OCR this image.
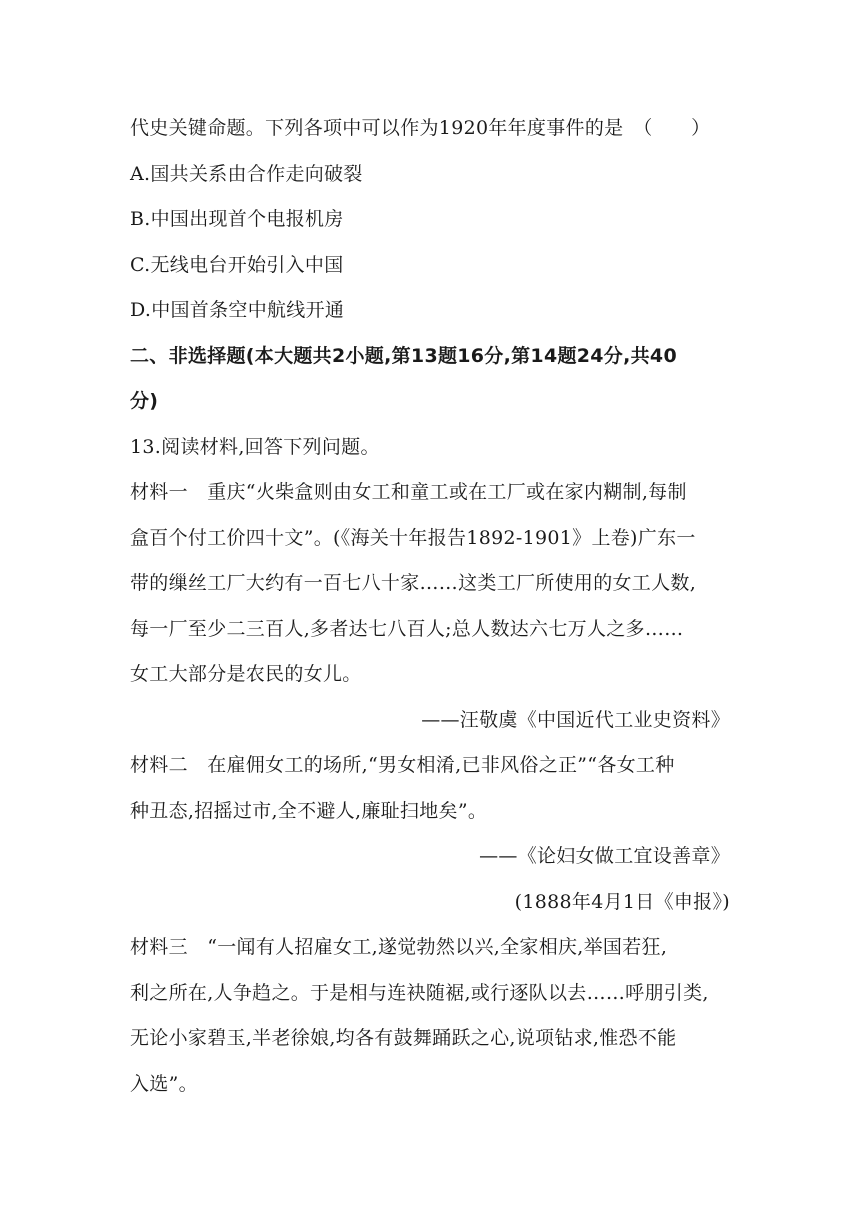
代史关键命题。下列各项中可以作为1920年年度事件的是　（　　）
A.国共关系由合作走向破裂
B.中国出现首个电报机房
C.无线电台开始引入中国
D.中国首条空中航线开通
二、非选择题(本大题共2小题,第13题16分,第14题24分,共40
分)
13.阅读材料,回答下列问题。
材料一　重庆“火柴盒则由女工和童工或在工厂或在家内糊制,每制
盒百个付工价四十文”。(《海关十年报告1892-1901》上卷)广东一
带的缫丝工厂大约有一百七八十家……这类工厂所使用的女工人数,
每一厂至少二三百人,多者达七八百人;总人数达六七万人之多……
女工大部分是农民的女儿。
——汪敬虞《中国近代工业史资料》
材料二　在雇佣女工的场所,“男女相淆,已非风俗之正”“各女工种
种丑态,招摇过市,全不避人,廉耻扫地矣”。
——《论妇女做工宜设善章》
(1888年4月1日《申报》)
材料三　“一闻有人招雇女工,遂觉勃然以兴,全家相庆,举国若狂,
利之所在,人争趋之。于是相与连袂随裾,或行逐队以去……呼朋引类,
无论小家碧玉,半老徐娘,均各有鼓舞踊跃之心,说项钻求,惟恐不能
入选”。
